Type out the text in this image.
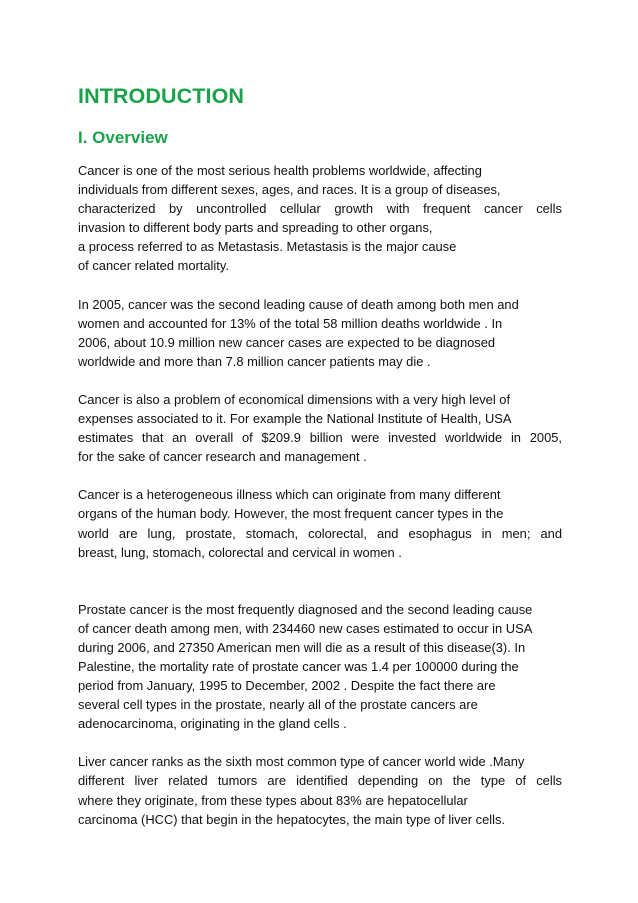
INTRODUCTION
I. Overview

Cancer is one of the most serious health problems worldwide, affecting
individuals from different sexes, ages, and races. It is a group of diseases,
characterized by uncontrolled cellular growth with frequent cancer cells
invasion to different body parts and spreading to other organs,
a process referred to as Metastasis. Metastasis is the major cause
of cancer related mortality.

In 2005, cancer was the second leading cause of death among both men and
women and accounted for 13% of the total 58 million deaths worldwide . In
2006, about 10.9 million new cancer cases are expected to be diagnosed
worldwide and more than 7.8 million cancer patients may die .

Cancer is also a problem of economical dimensions with a very high level of
expenses associated to it. For example the National Institute of Health, USA
estimates that an overall of $209.9 billion were invested worldwide in 2005,
for the sake of cancer research and management .

Cancer is a heterogeneous illness which can originate from many different
organs of the human body. However, the most frequent cancer types in the
world are lung, prostate, stomach, colorectal, and esophagus in men; and
breast, lung, stomach, colorectal and cervical in women .

Prostate cancer is the most frequently diagnosed and the second leading cause
of cancer death among men, with 234460 new cases estimated to occur in USA
during 2006, and 27350 American men will die as a result of this disease(3). In
Palestine, the mortality rate of prostate cancer was 1.4 per 100000 during the
period from January, 1995 to December, 2002 . Despite the fact there are
several cell types in the prostate, nearly all of the prostate cancers are
adenocarcinoma, originating in the gland cells .

Liver cancer ranks as the sixth most common type of cancer world wide .Many
different liver related tumors are identified depending on the type of cells
where they originate, from these types about 83% are hepatocellular
carcinoma (HCC) that begin in the hepatocytes, the main type of liver cells.
